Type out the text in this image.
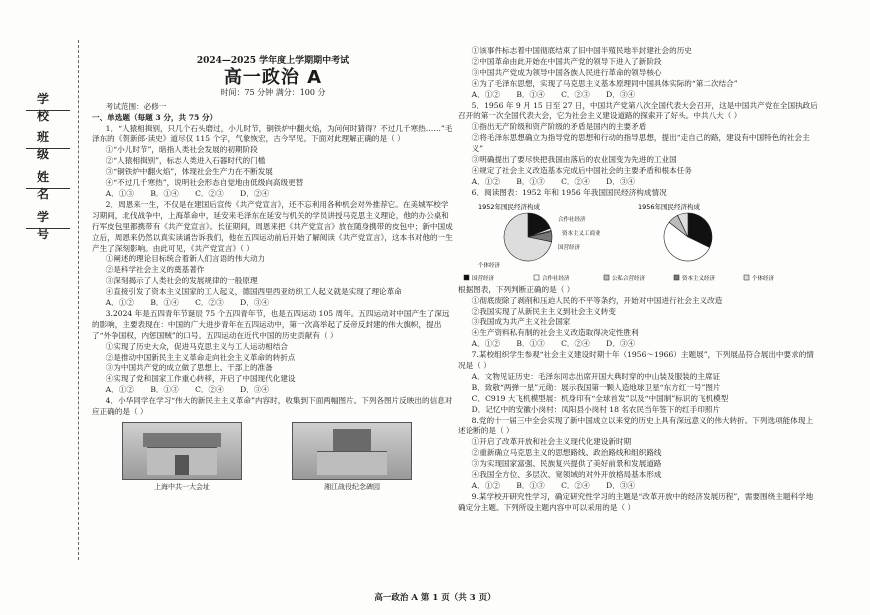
学 校
班 级
姓 名
学 号
2024—2025 学年度上学期期中考试
高一政治 A
时间：75 分钟 满分：100 分
考试范围：必修一
一、单选题（每题 3 分，共 75 分）
1．“人猿相揖别，只几个石头磨过，小儿时节，铜铁炉中翻火焰，为问何时猜得？不过几千寒热……”毛泽东的《贺新郎·读史》道尽仅 115 个字，气象恢宏，古今罕见。下面对此理解正确的是（ ）
①“小儿时节”，暗指人类社会发展的初期阶段
②“人猿相揖别”，标志人类进入石器时代的门槛
③“铜铁炉中翻火焰”，体现社会生产力在不断发展
④“不过几千寒热”，说明社会形态自觉地由低级向高级更替
A．①③ B．①④ C．②③ D．②④
2．周恩来一生，不仅是在建国后宣传《共产党宣言》，还不忘利用各种机会对外推荐它。在美城军校学习期间，北伐战争中，上海革命中，延安来毛泽东在延安与机关的学员讲授马克思主义理论，他的办公桌和行军皮包里都携带有《共产党宣言》。长征期间，周恩来把《共产党宣言》放在随身携带的皮包中；新中国成立后，周恩来仍然以真实读诵告诉我们，他在五四运动前后开始了解阅读《共产党宣言》，这本书对他的一生产生了深刻影响。由此可见，《共产党宣言》（ ）
①阐述的理论目标统合着新人们言语的伟大动力
②是科学社会主义的奠基著作
③深刻揭示了人类社会的发展规律的一般原理
④直接引发了资本主义国家的工人起义，德国西里西亚纺织工人起义就是实现了理论革命
A．①② B．①④ C．②③ D．③④
3.2024 年是五四青年节诞辰 75 个五四青年节，也是五四运动 105 周年。五四运动对中国产生了深远的影响，主要表现在：中国的广大进步青年在五四运动中，第一次高举起了反帝反封建的伟大旗帜，提出了“外争国权，内惩国贼”的口号。五四运动在近代中国的历史贡献有（ ）
①实现了历史大众，促进马克思主义与工人运动相结合
②是推动中国新民主主义革命走向社会主义革命的转折点
③为中国共产党的成立做了思想上、干部上的准备
④实现了党和国家工作重心转移，开启了中国现代化建设
A．①② B．①③ C．②④ D．③④
4．小华同学在学习“伟大的新民主主义革命”内容时，收集到下面两幅图片。下列各图片反映出的信息对应正确的是（ ）
上海中共一大会址	湘江战役纪念碑园
①该事件标志着中国彻底结束了旧中国半殖民地半封建社会的历史
②中国革命由此开始在中国共产党的领导下进入了新阶段
③中国共产党成为领导中国各族人民进行革命的领导核心
④为了毛泽东思想，实现了马克思主义基本原理同中国具体实际的“第二次结合”
A．①② B．①④ C．②③ D．③④
5．1956 年 9 月 15 日至 27 日，中国共产党第八次全国代表大会召开，这是中国共产党在全国执政后召开的第一次全国代表大会，它为社会主义建设道路的探索开了好头。中共八大（ ）
①指出无产阶级和资产阶级的矛盾是国内的主要矛盾
②将毛泽东思想确立为指导党的思想和行动的指导思想，提出“走自己的路，建设有中国特色的社会主义”
③明确提出了要尽快把我国由落后的农业国变为先进的工业国
④规定了社会主义改造基本完成后中国社会的主要矛盾和根本任务
A．①② B．①③ C．②④ D．③④
6．阅读图表：1952 年和 1956 年我国国民经济构成情况
1952年国民经济构成	1956年国民经济构成
个体经济
合作社经济
资本主义工商业
国营经济
国营经济	合作社经济	公私合营经济	资本主义经济	个体经济
根据图表，下列判断正确的是（ ）
①彻底废除了剥削和压迫人民的不平等条约，开始对中国进行社会主义改造
②我国实现了从新民主主义到社会主义转变
③我国成为共产主义社会国家
④生产资料私有制的社会主义改造取得决定性胜利
A．①② B．①③ C．②④ D．③④
7.某校组织学生参观“社会主义建设时期十年（1956～1966）主题展”，下列展品符合展出中要求的情况是（ ）
A．文物见证历史：毛泽东同志出席开国大典时穿的中山装及服装的主席证
B．致敬“两弹一星”元勋：展示我国第一颗人造地球卫星“东方红一号”图片
C．C919 大飞机模型展：机身印有“全球首发”以及“中国制”标识的飞机模型
D．记忆中的安徽小岗村：凤阳县小岗村 18 名农民当年签下的红手印照片
8.党的十一届三中全会实现了新中国成立以来党的历史上具有深远意义的伟大转折。下列选项能体现上述论断的是（ ）
①开启了改革开放和社会主义现代化建设新时期
②重新确立马克思主义的思想路线、政治路线和组织路线
③为实现国家富强、民族复兴提供了美好前景和发展道路
④我国全方位、多层次、宽领域的对外开放格局基本形成
A．①② B．①③ C．②④ D．③④
9.某学校开研究性学习，确定研究性学习的主题是“改革开放中的经济发展历程”，需要围绕主题科学地确定分主题。下列所设主题内容中可以采用的是（ ）
高一政治 A 第 1 页（共 3 页）
